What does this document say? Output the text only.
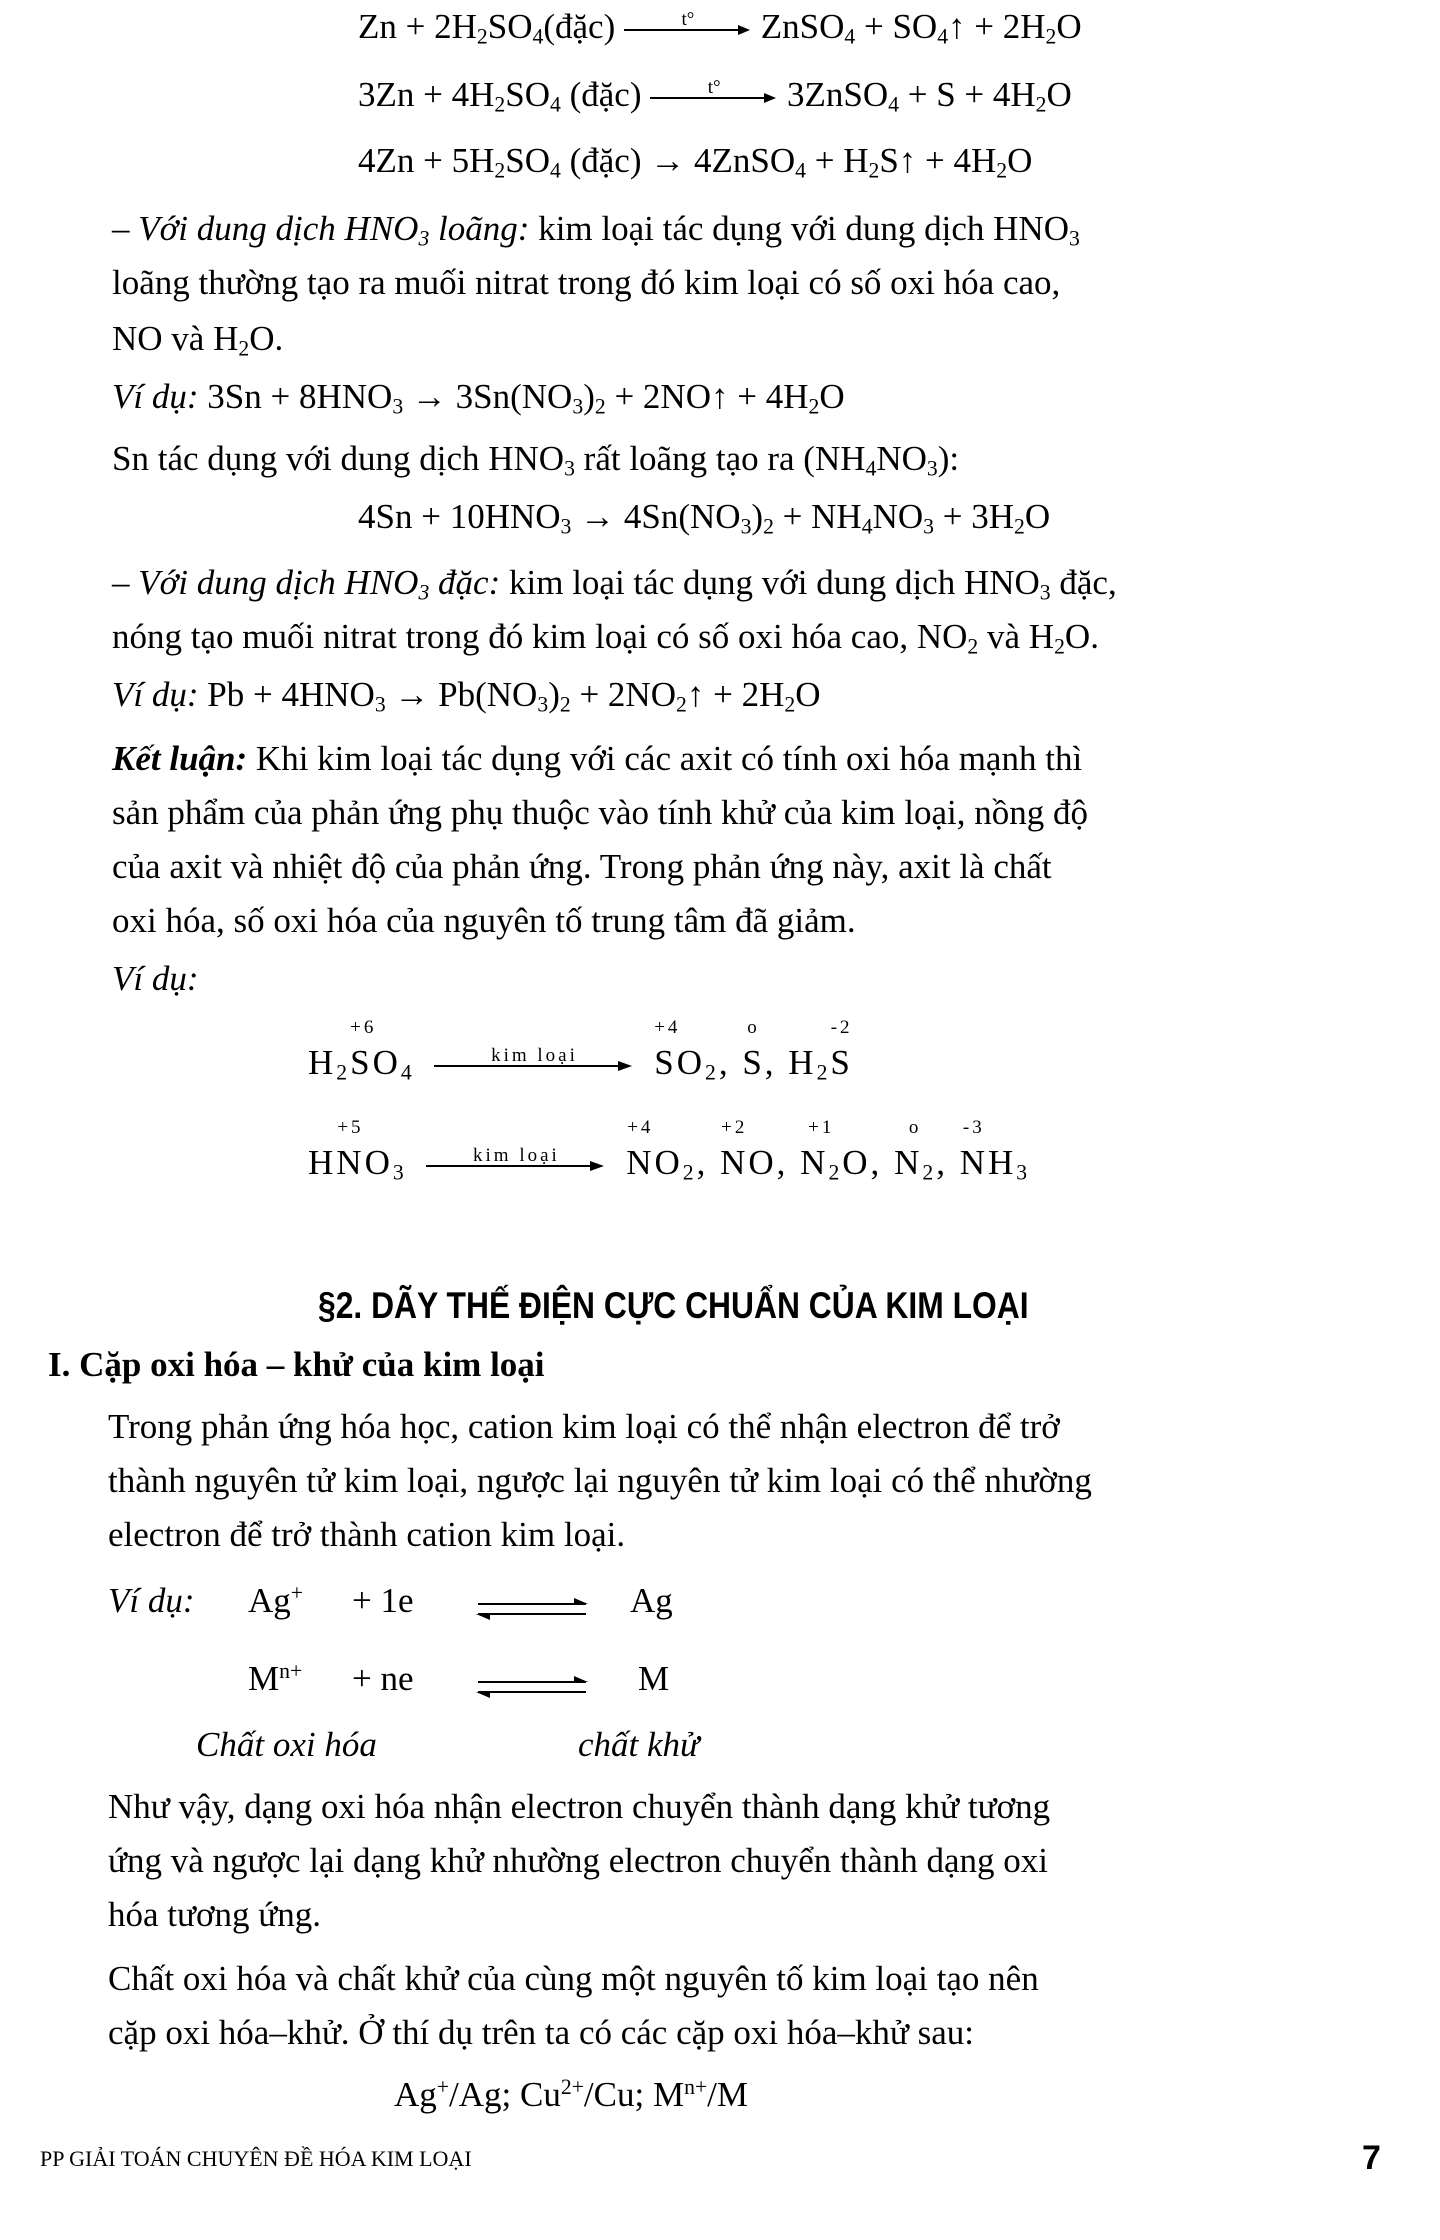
$Zn + 2H_2SO_4(đặc)$	t°	ZnSO$_4$ + $SO_4↑ + 2H_2O$
$3Zn + 4H_2SO_4$ (đặc)	t°	3ZnSO$_4$ + $S + 4H_2O$
$4Zn + 5H_2SO_4$ (đặc) → 4ZnSO$_4$ + $H_2S↑ + 4H_2O$
– Với dung dịch $HNO_3$ loãng: kim loại tác dụng với dung dịch $HNO_3$
loãng thường tạo ra muối nitrat trong đó kim loại có số oxi hóa cao,
NO và $H_2O$.
Ví dụ: $3Sn + 8HNO_3 \to 3Sn(NO_3)_2$ + 2NO↑ + $4H_2O$
Sn tác dụng với dung dịch $HNO_3$ rất loãng tạo ra $(NH_4NO_3)$:
$4Sn + 10HNO_3 \to 4Sn(NO_3)_2 + NH_4NO_3 + 3H_2O$
– Với dung dịch $HNO_3$ đặc: kim loại tác dụng với dung dịch $HNO_3$ đặc,
nóng tạo muối nitrat trong đó kim loại có số oxi hóa cao, $NO_2$ và $H_2O$.
Ví dụ: $Pb + 4HNO_3 \to Pb(NO_3)_2$ + $2NO_2↑ + 2H_2O$
Kết luận: Khi kim loại tác dụng với các axit có tính oxi hóa mạnh thì
sản phẩm của phản ứng phụ thuộc vào tính khử của kim loại, nồng độ
của axit và nhiệt độ của phản ứng. Trong phản ứng này, axit là chất
oxi hóa, số oxi hóa của nguyên tố trung tâm đã giảm.
Ví dụ:
$H_2S$
+6
$O_4$
kim loại	S
+4
$O_2$, S
o
, $H_2S$
-2
HN
+5
$O_3$
kim loại	N
+4
$O_2$, N
+2
O, $N_2$
+1
O, $N_2$
o
, N
-3
$H_3$
§2. DÃY THẾ ĐIỆN CỰC CHUẨN CỦA KIM LOẠI
I. Cặp oxi hóa – khử của kim loại
Trong phản ứng hóa học, cation kim loại có thể nhận electron để trở
thành nguyên tử kim loại, ngược lại nguyên tử kim loại có thể nhường
electron để trở thành cation kim loại.
Ví dụ: Ag+ + 1e ⇌ Ag
$M^{n+}$ + ne ⇌ M
Chất oxi hóa	chất khử
Như vậy, dạng oxi hóa nhận electron chuyển thành dạng khử tương
ứng và ngược lại dạng khử nhường electron chuyển thành dạng oxi
hóa tương ứng.
Chất oxi hóa và chất khử của cùng một nguyên tố kim loại tạo nên
cặp oxi hóa–khử. Ở thí dụ trên ta có các cặp oxi hóa–khử sau:
Ag+/Ag; $Cu^{2+}/Cu$; $M^{n+}/M$
PP GIẢI TOÁN CHUYÊN ĐỀ HÓA KIM LOẠI	7
